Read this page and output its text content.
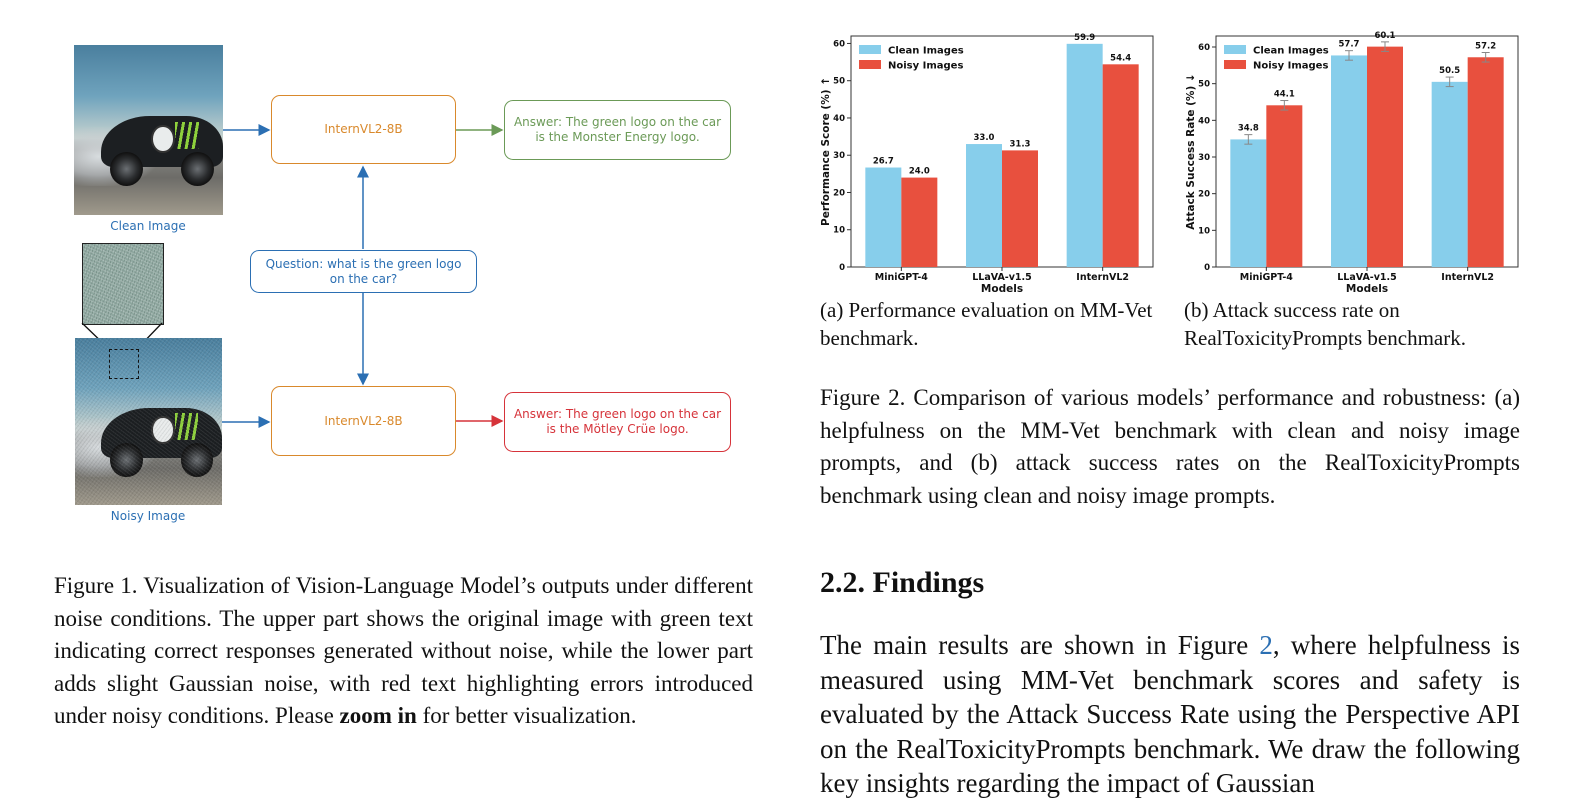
Clean Image
Noisy Image
InternVL2-8B	Answer: The green logo on the car is the Monster Energy logo.
Question: what is the green logo on the car?
InternVL2-8B	Answer: The green logo on the car is the Mötley Crüe logo.
Figure 1. Visualization of Vision-Language Model’s outputs under different noise conditions. The upper part shows the original image with green text indicating correct responses generated without noise, while the lower part adds slight Gaussian noise, with red text highlighting errors introduced under noisy conditions. Please zoom in for better visualization.
0
10
20
30
40
50
60
Performance Score (%) ↑
MiniGPT-4
26.7
24.0
LLaVA-v1.5
33.0
31.3
InternVL2
59.9
54.4
Models
Clean Images
Noisy Images
0
10
20
30
40
50
60
Attack Success Rate (%) ↓
MiniGPT-4
34.8
44.1
LLaVA-v1.5
57.7
60.1
InternVL2
50.5
57.2
Models
Clean Images
Noisy Images
(a) Performance evaluation on MM-Vet benchmark.
(b) Attack success rate on RealToxicityPrompts benchmark.
Figure 2. Comparison of various models’ performance and robustness: (a) helpfulness on the MM-Vet benchmark with clean and noisy image prompts, and (b) attack success rates on the RealToxicityPrompts benchmark using clean and noisy image prompts.
2.2. Findings
The main results are shown in Figure 2, where helpfulness is measured using MM-Vet benchmark scores and safety is evaluated by the Attack Success Rate using the Perspective API on the RealToxicityPrompts benchmark. We draw the following key insights regarding the impact of Gaussian
